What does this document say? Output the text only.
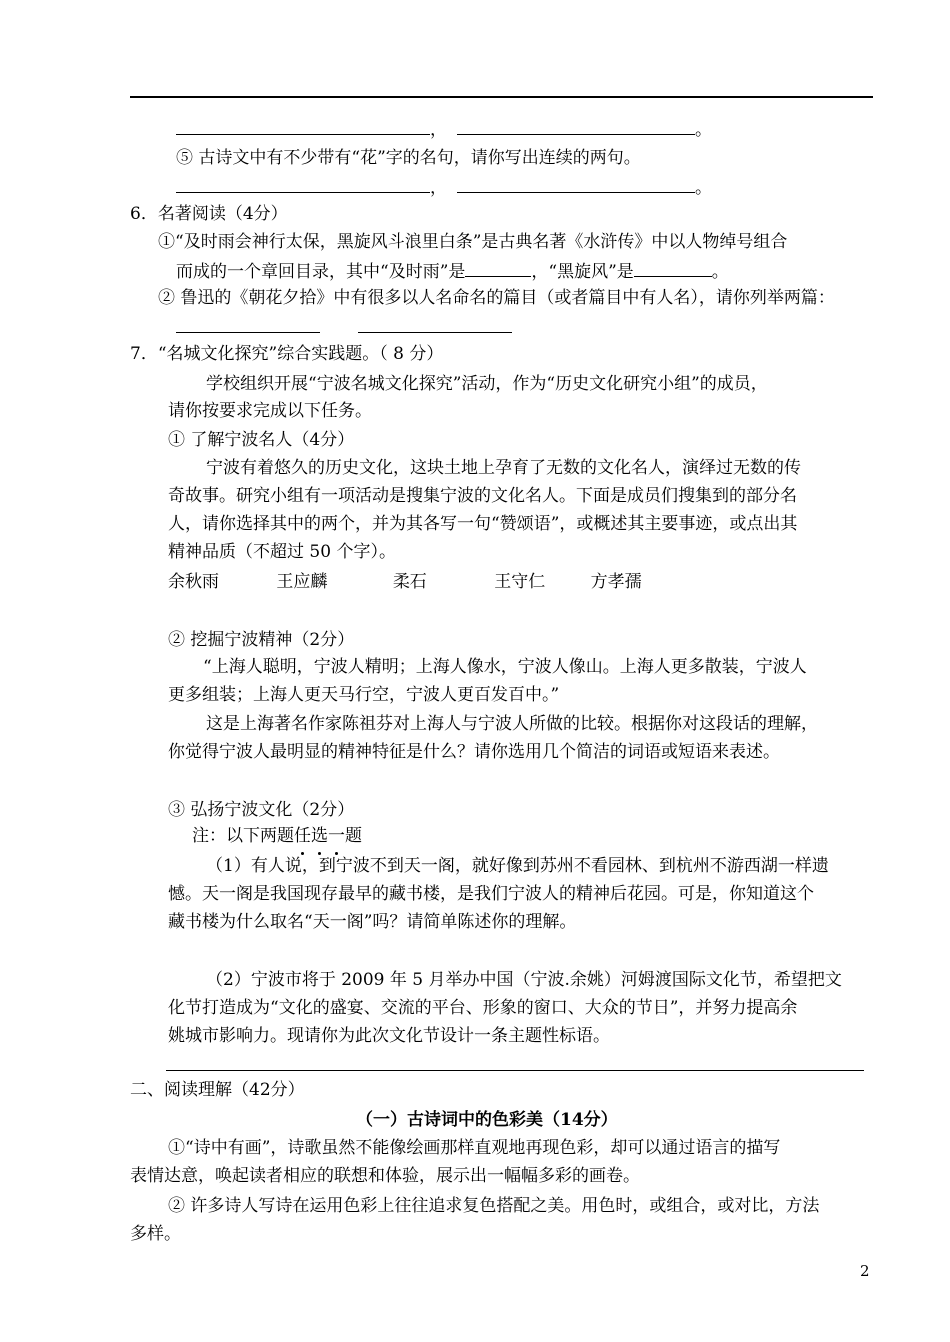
，	。
⑤ 古诗文中有不少带有“花”字的名句，请你写出连续的两句。
，	。
6．名著阅读（4分）
①“及时雨会神行太保，黑旋风斗浪里白条”是古典名著《水浒传》中以人物绰号组合
而成的一个章回目录，其中“及时雨”是	，“黑旋风”是	。
② 鲁迅的《朝花夕拾》中有很多以人名命名的篇目（或者篇目中有人名），请你列举两篇：
7．“名城文化探究”综合实践题。（ 8 分）
学校组织开展“宁波名城文化探究”活动，作为“历史文化研究小组”的成员，
请你按要求完成以下任务。
① 了解宁波名人（4分）
宁波有着悠久的历史文化，这块土地上孕育了无数的文化名人，演绎过无数的传
奇故事。研究小组有一项活动是搜集宁波的文化名人。下面是成员们搜集到的部分名
人，请你选择其中的两个，并为其各写一句“赞颂语”，或概述其主要事迹，或点出其
精神品质（不超过 50 个字）。
余秋雨	王应麟	柔石	王守仁	方孝孺
② 挖掘宁波精神（2分）
“上海人聪明，宁波人精明；上海人像水，宁波人像山。上海人更多散装，宁波人
更多组装；上海人更天马行空，宁波人更百发百中。”
这是上海著名作家陈祖芬对上海人与宁波人所做的比较。根据你对这段话的理解，
你觉得宁波人最明显的精神特征是什么？请你选用几个简洁的词语或短语来表述。
③ 弘扬宁波文化（2分）
注：以下两题任选一题
（1）有人说，到宁波不到天一阁，就好像到苏州不看园林、到杭州不游西湖一样遗
憾。天一阁是我国现存最早的藏书楼，是我们宁波人的精神后花园。可是，你知道这个
藏书楼为什么取名“天一阁”吗？请简单陈述你的理解。
（2）宁波市将于 2009 年 5 月举办中国（宁波.余姚）河姆渡国际文化节，希望把文
化节打造成为“文化的盛宴、交流的平台、形象的窗口、大众的节日”，并努力提高余
姚城市影响力。现请你为此次文化节设计一条主题性标语。
二、阅读理解（42分）
（一）古诗词中的色彩美（14分）
①“诗中有画”，诗歌虽然不能像绘画那样直观地再现色彩，却可以通过语言的描写
表情达意，唤起读者相应的联想和体验，展示出一幅幅多彩的画卷。
② 许多诗人写诗在运用色彩上往往追求复色搭配之美。用色时，或组合，或对比，方法
多样。
2
